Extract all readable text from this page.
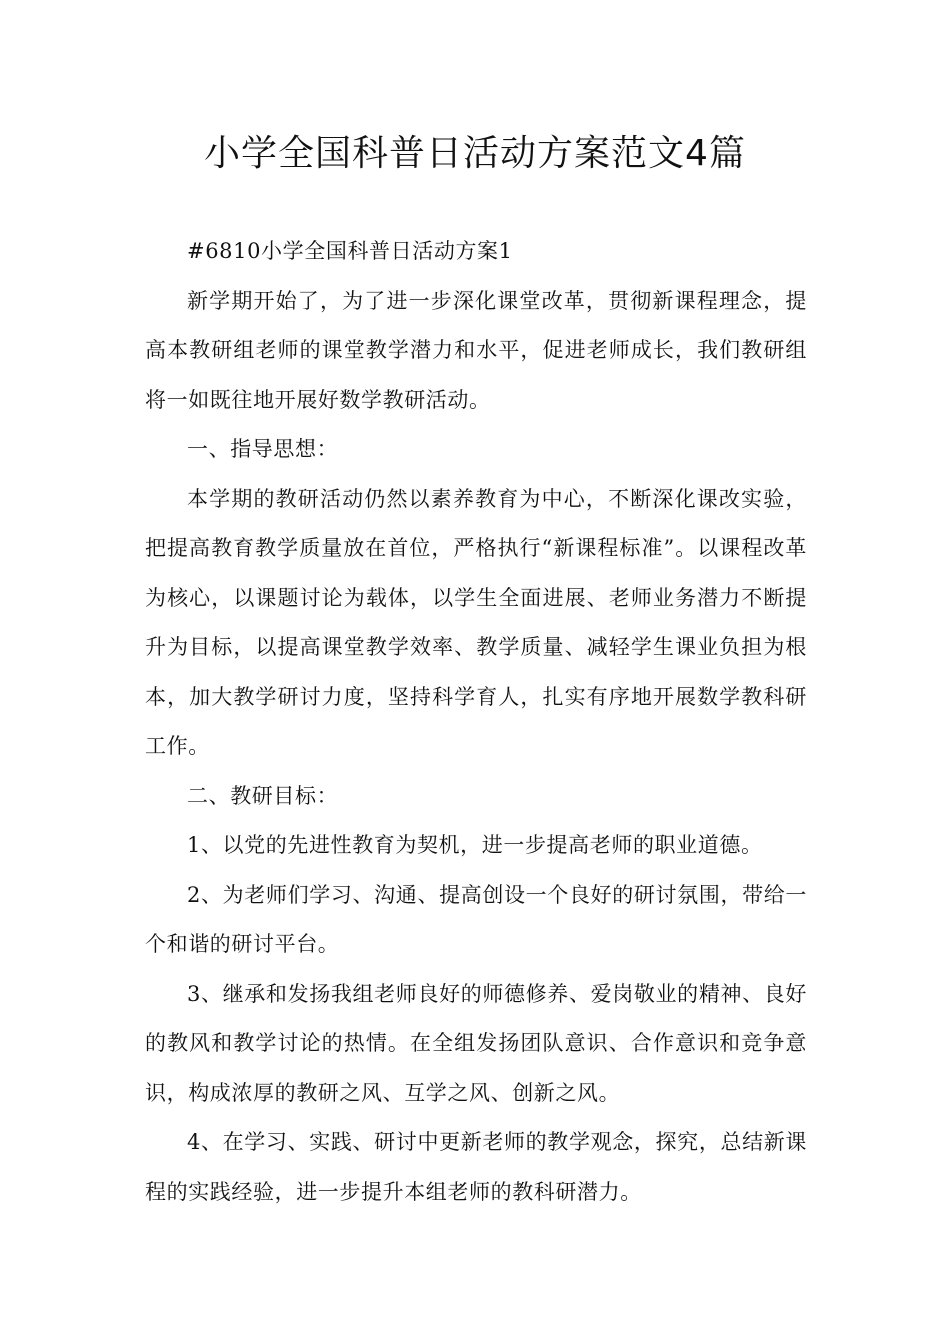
小学全国科普日活动方案范文4篇

#6810小学全国科普日活动方案1

新学期开始了，为了进一步深化课堂改革，贯彻新课程理念，提高本教研组老师的课堂教学潜力和水平，促进老师成长，我们教研组将一如既往地开展好数学教研活动。

一、指导思想：

本学期的教研活动仍然以素养教育为中心，不断深化课改实验，把提高教育教学质量放在首位，严格执行“新课程标准”。以课程改革为核心，以课题讨论为载体，以学生全面进展、老师业务潜力不断提升为目标，以提高课堂教学效率、教学质量、减轻学生课业负担为根本，加大教学研讨力度，坚持科学育人，扎实有序地开展数学教科研工作。

二、教研目标：

1、以党的先进性教育为契机，进一步提高老师的职业道德。

2、为老师们学习、沟通、提高创设一个良好的研讨氛围，带给一个和谐的研讨平台。

3、继承和发扬我组老师良好的师德修养、爱岗敬业的精神、良好的教风和教学讨论的热情。在全组发扬团队意识、合作意识和竞争意识，构成浓厚的教研之风、互学之风、创新之风。

4、在学习、实践、研讨中更新老师的教学观念，探究，总结新课程的实践经验，进一步提升本组老师的教科研潜力。
